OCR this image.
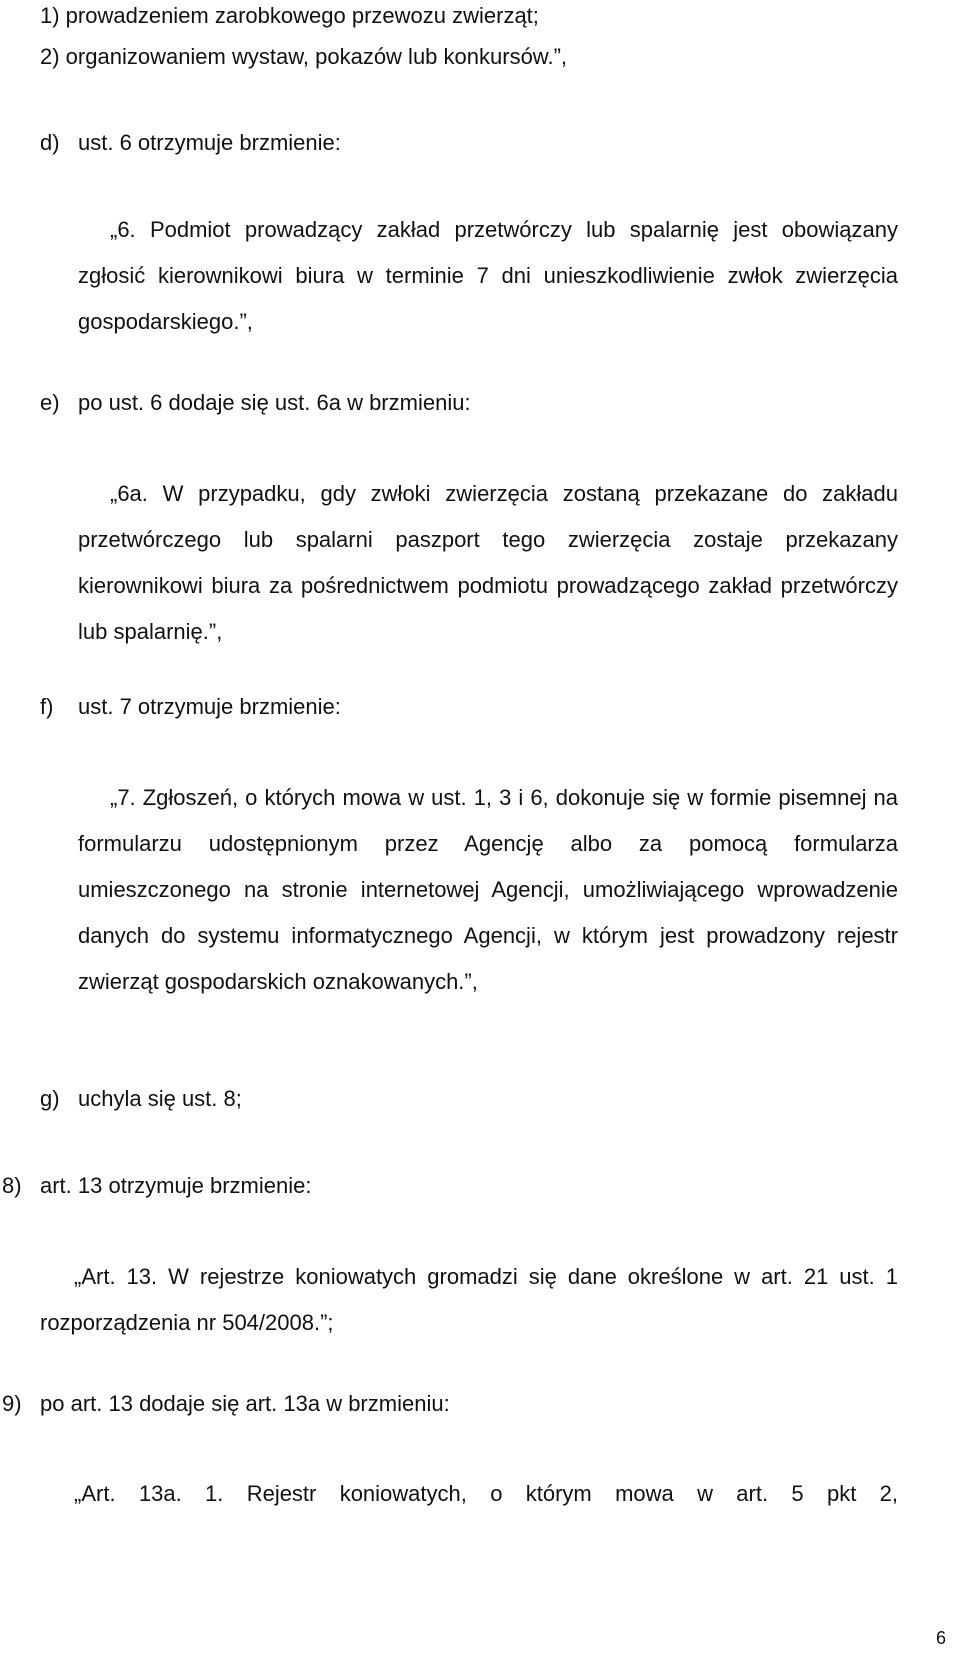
1) prowadzeniem zarobkowego przewozu zwierząt;
2) organizowaniem wystaw, pokazów lub konkursów.”,
d) ust. 6 otrzymuje brzmienie:
„6. Podmiot prowadzący zakład przetwórczy lub spalarnię jest obowiązany zgłosić kierownikowi biura w terminie 7 dni unieszkodliwienie zwłok zwierzęcia gospodarskiego.”,
e) po ust. 6 dodaje się ust. 6a w brzmieniu:
„6a. W przypadku, gdy zwłoki zwierzęcia zostaną przekazane do zakładu przetwórczego lub spalarni paszport tego zwierzęcia zostaje przekazany kierownikowi biura za pośrednictwem podmiotu prowadzącego zakład przetwórczy lub spalarnię.”,
f) ust. 7 otrzymuje brzmienie:
„7. Zgłoszeń, o których mowa w ust. 1, 3 i 6, dokonuje się w formie pisemnej na formularzu udostępnionym przez Agencję albo za pomocą formularza umieszczonego na stronie internetowej Agencji, umożliwiającego wprowadzenie danych do systemu informatycznego Agencji, w którym jest prowadzony rejestr zwierząt gospodarskich oznakowanych.”,
g) uchyla się ust. 8;
8) art. 13 otrzymuje brzmienie:
„Art. 13. W rejestrze koniowatych gromadzi się dane określone w art. 21 ust. 1 rozporządzenia nr 504/2008.”;
9) po art. 13 dodaje się art. 13a w brzmieniu:
„Art. 13a. 1. Rejestr koniowatych, o którym mowa w art. 5 pkt 2,
6
